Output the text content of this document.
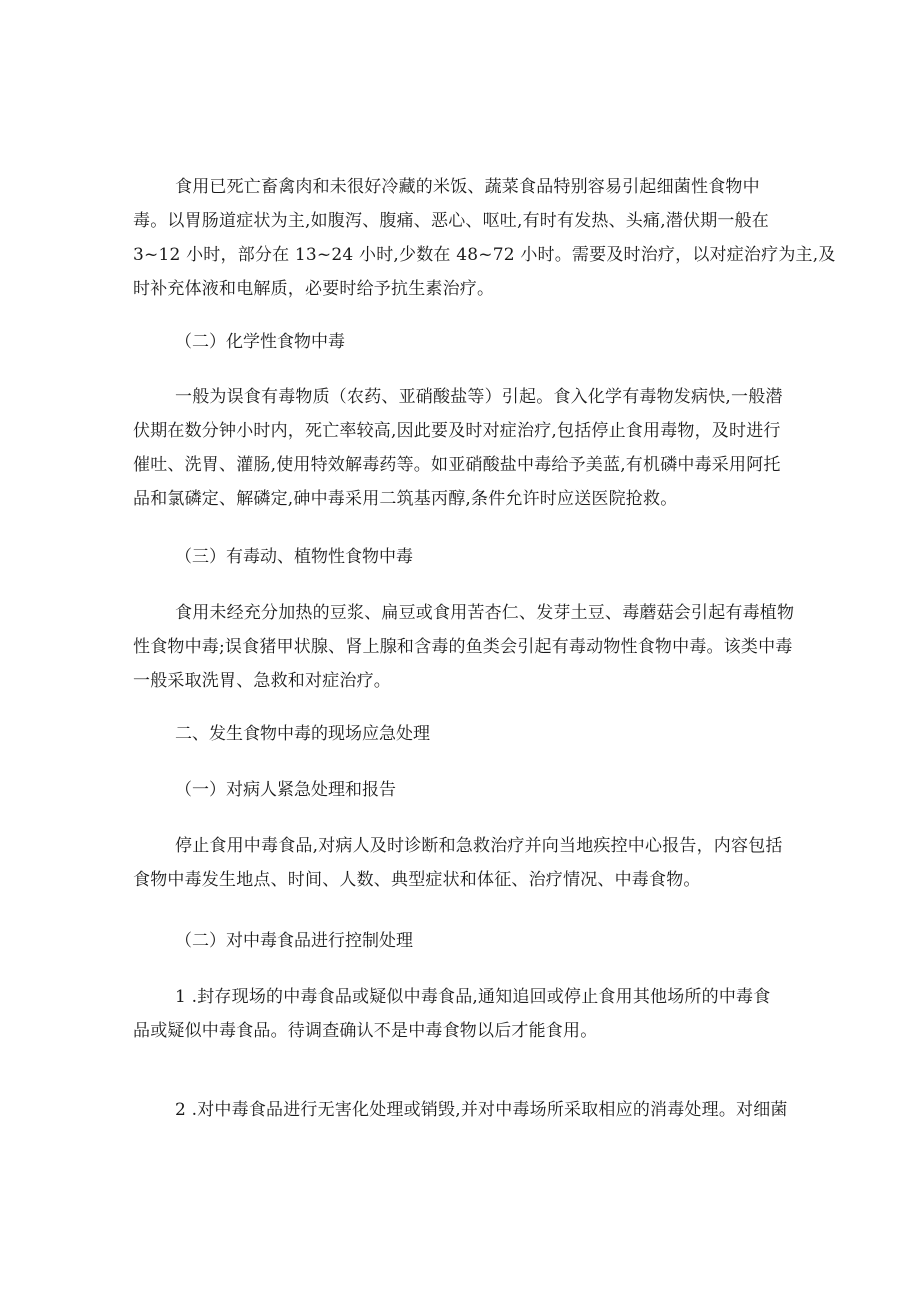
食用已死亡畜禽肉和未很好冷藏的米饭、蔬菜食品特别容易引起细菌性食物中
毒。以胃肠道症状为主,如腹泻、腹痛、恶心、呕吐,有时有发热、头痛,潜伏期一般在
3~12 小时，部分在 13~24 小时,少数在 48~72 小时。需要及时治疗，以对症治疗为主,及
时补充体液和电解质，必要时给予抗生素治疗。
（二）化学性食物中毒
一般为误食有毒物质（农药、亚硝酸盐等）引起。食入化学有毒物发病快,一般潜
伏期在数分钟小时内，死亡率较高,因此要及时对症治疗,包括停止食用毒物，及时进行
催吐、洗胃、灌肠,使用特效解毒药等。如亚硝酸盐中毒给予美蓝,有机磷中毒采用阿托
品和氯磷定、解磷定,砷中毒采用二筑基丙醇,条件允许时应送医院抢救。
（三）有毒动、植物性食物中毒
食用未经充分加热的豆浆、扁豆或食用苦杏仁、发芽土豆、毒蘑菇会引起有毒植物
性食物中毒;误食猪甲状腺、肾上腺和含毒的鱼类会引起有毒动物性食物中毒。该类中毒
一般采取洗胃、急救和对症治疗。
二、发生食物中毒的现场应急处理
（一）对病人紧急处理和报告
停止食用中毒食品,对病人及时诊断和急救治疗并向当地疾控中心报告，内容包括
食物中毒发生地点、时间、人数、典型症状和体征、治疗情况、中毒食物。
（二）对中毒食品进行控制处理
1 .封存现场的中毒食品或疑似中毒食品,通知追回或停止食用其他场所的中毒食
品或疑似中毒食品。待调查确认不是中毒食物以后才能食用。
2 .对中毒食品进行无害化处理或销毁,并对中毒场所采取相应的消毒处理。对细菌
